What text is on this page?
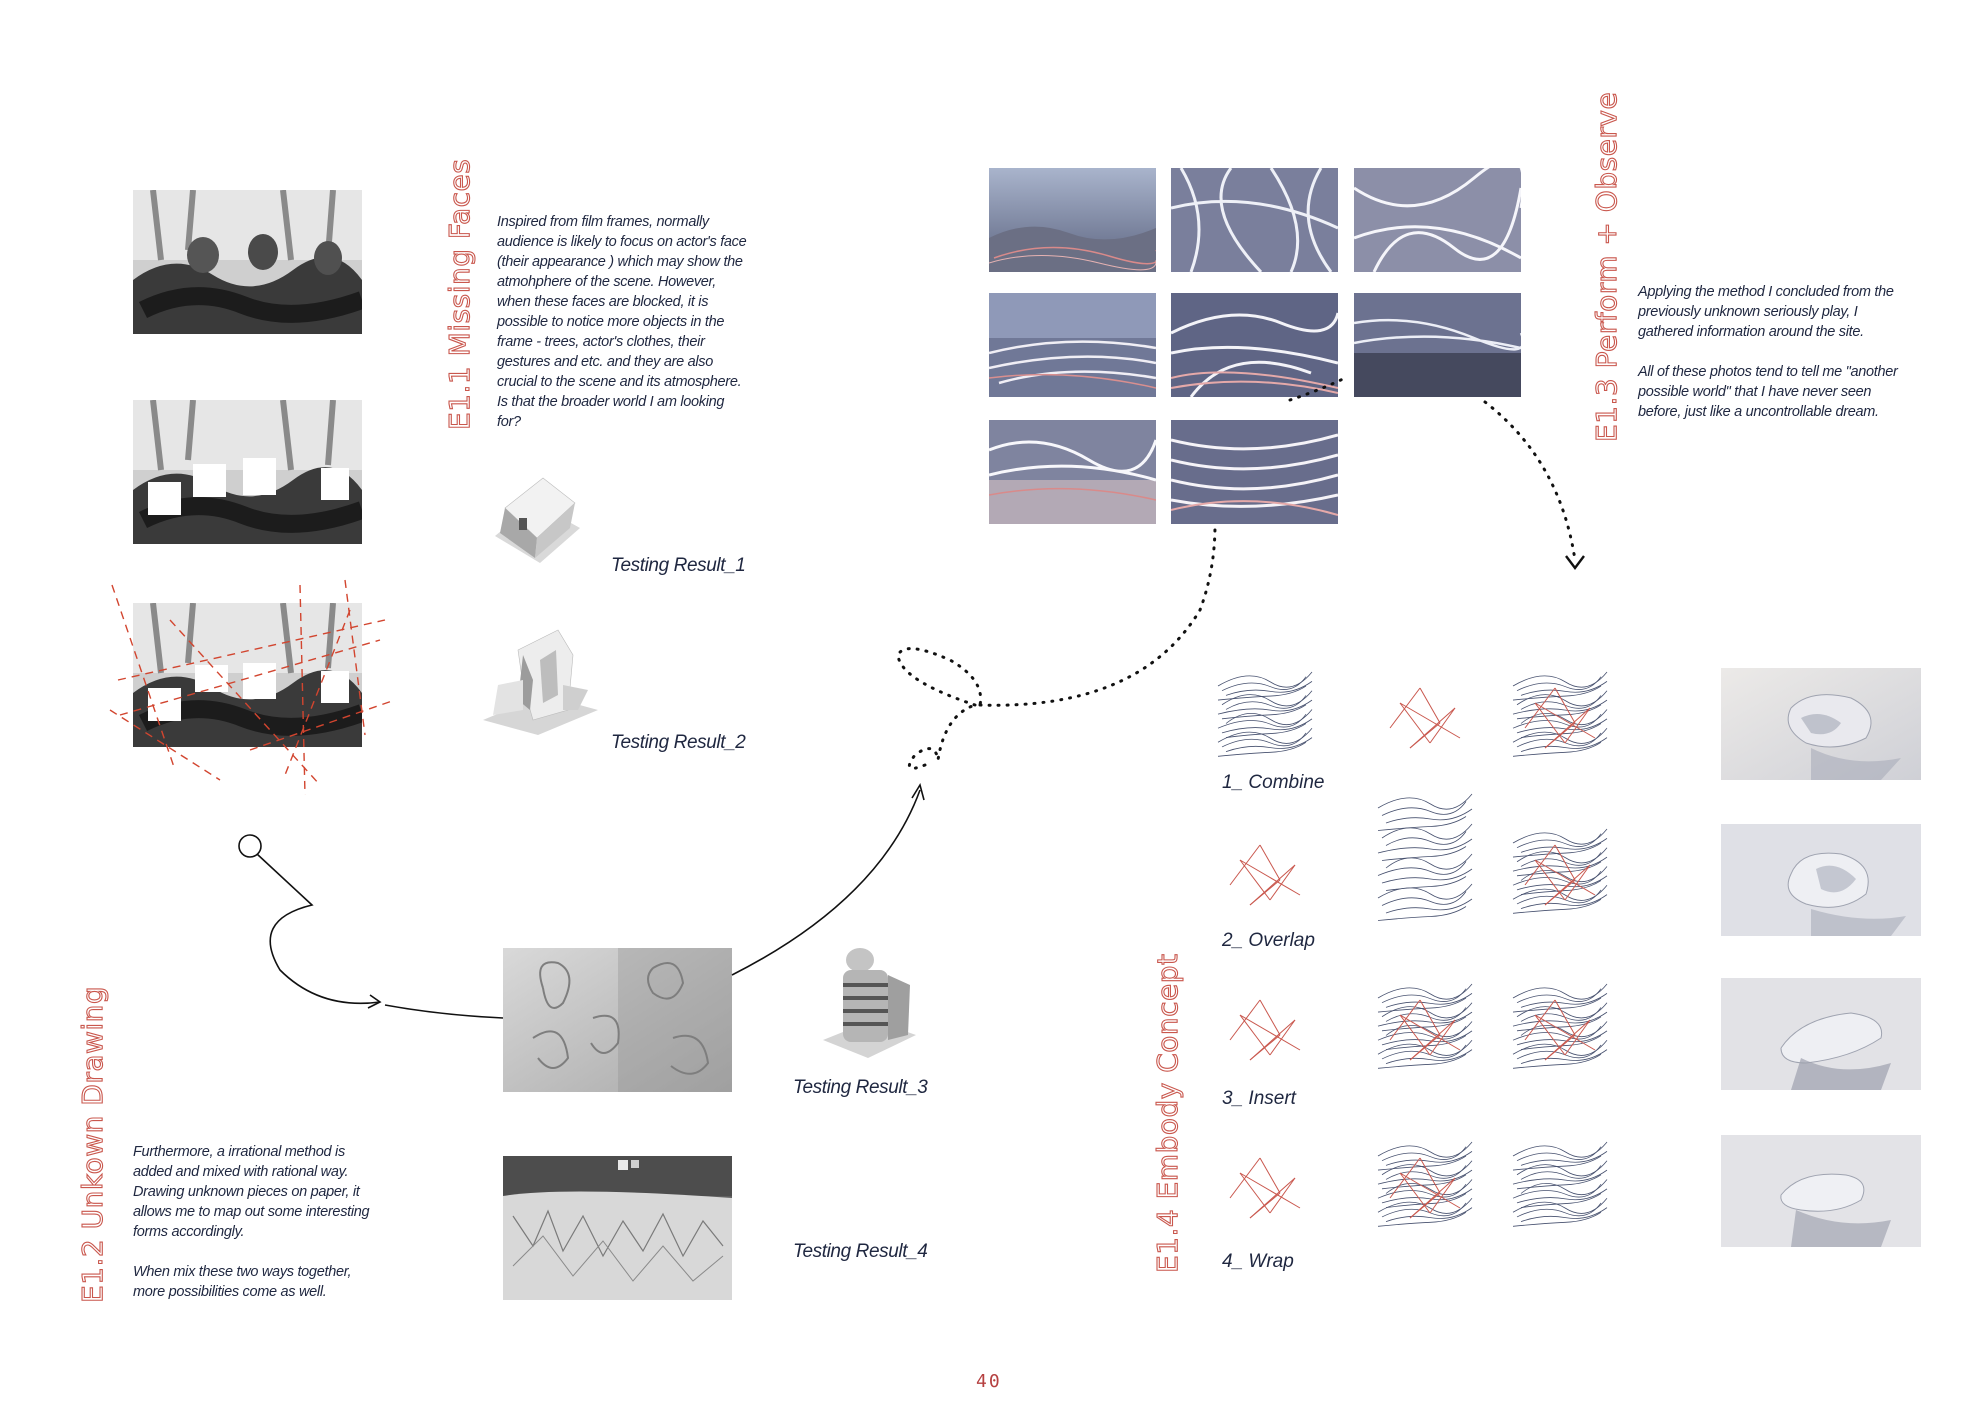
E1.1 Missing Faces
E1.2 Unkown Drawing
E1.3 Perform + Observe
E1.4 Embody Concept

Inspired from film frames, normally audience is likely to focus on actor's face (their appearance ) which may show the atmohphere of the scene. However, when these faces are blocked, it is possible to notice more objects in the frame - trees, actor's clothes, their gestures and etc. and they are also crucial to the scene and its atmosphere. Is that the broader world I am looking for?

Furthermore, a irrational method is added and mixed with rational way. Drawing unknown pieces on paper, it allows me to map out some interesting forms accordingly.

When mix these two ways together, more possibilities come as well.

Applying the method I concluded from the previously unknown seriously play, I gathered information around the site.

All of these photos tend to tell me "another possible world" that I have never seen before, just like a uncontrollable dream.

Testing Result_1
Testing Result_2
Testing Result_3
Testing Result_4
1_ Combine
2_ Overlap
3_ Insert
4_ Wrap
40
